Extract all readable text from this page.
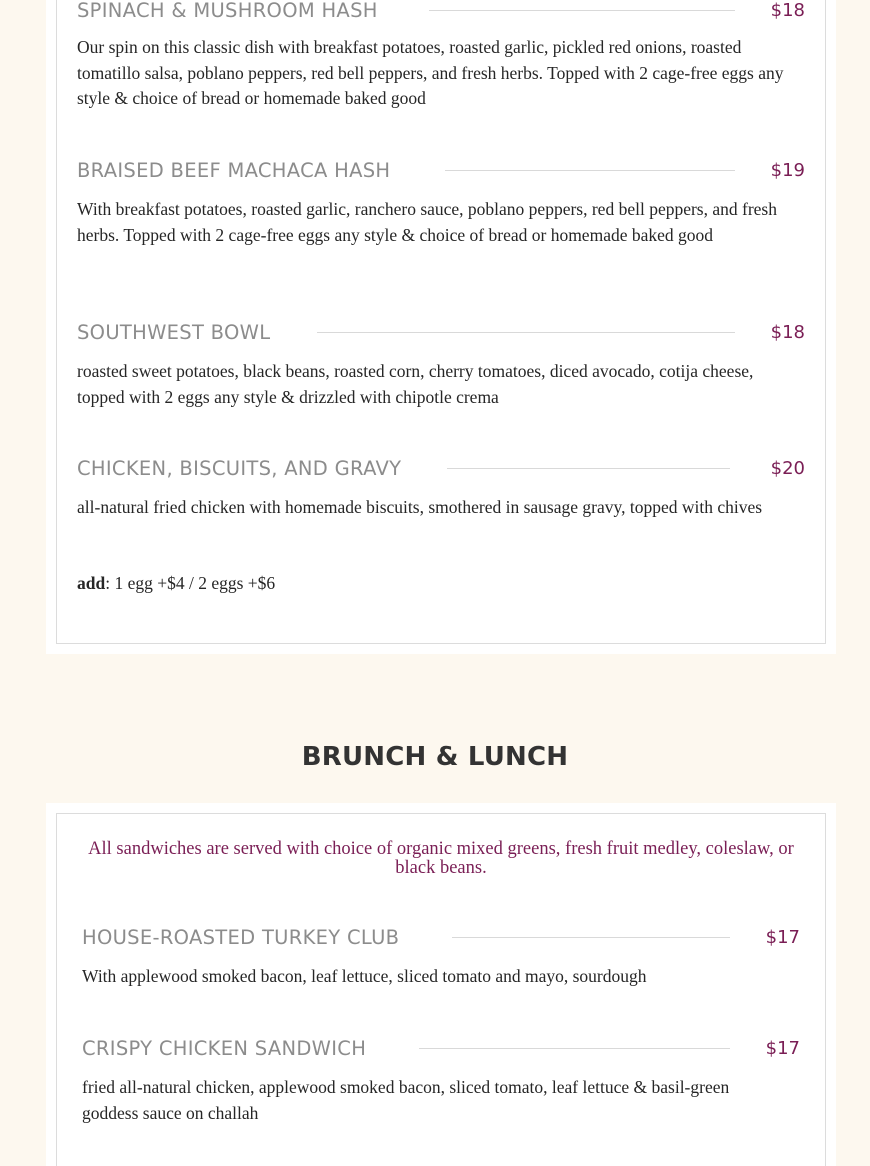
SPINACH & MUSHROOM HASH	$18

Our spin on this classic dish with breakfast potatoes, roasted garlic, pickled red onions, roasted tomatillo salsa, poblano peppers, red bell peppers, and fresh herbs. Topped with 2 cage-free eggs any style & choice of bread or homemade baked good

BRAISED BEEF MACHACA HASH	$19

With breakfast potatoes, roasted garlic, ranchero sauce, poblano peppers, red bell peppers, and fresh herbs. Topped with 2 cage-free eggs any style & choice of bread or homemade baked good

SOUTHWEST BOWL	$18

roasted sweet potatoes, black beans, roasted corn, cherry tomatoes, diced avocado, cotija cheese, topped with 2 eggs any style & drizzled with chipotle crema

CHICKEN, BISCUITS, AND GRAVY	$20

all-natural fried chicken with homemade biscuits, smothered in sausage gravy, topped with chives

add: 1 egg +$4 / 2 eggs +$6

BRUNCH & LUNCH

All sandwiches are served with choice of organic mixed greens, fresh fruit medley, coleslaw, or black beans.

HOUSE-ROASTED TURKEY CLUB	$17

With applewood smoked bacon, leaf lettuce, sliced tomato and mayo, sourdough

CRISPY CHICKEN SANDWICH	$17

fried all-natural chicken, applewood smoked bacon, sliced tomato, leaf lettuce & basil-green goddess sauce on challah
